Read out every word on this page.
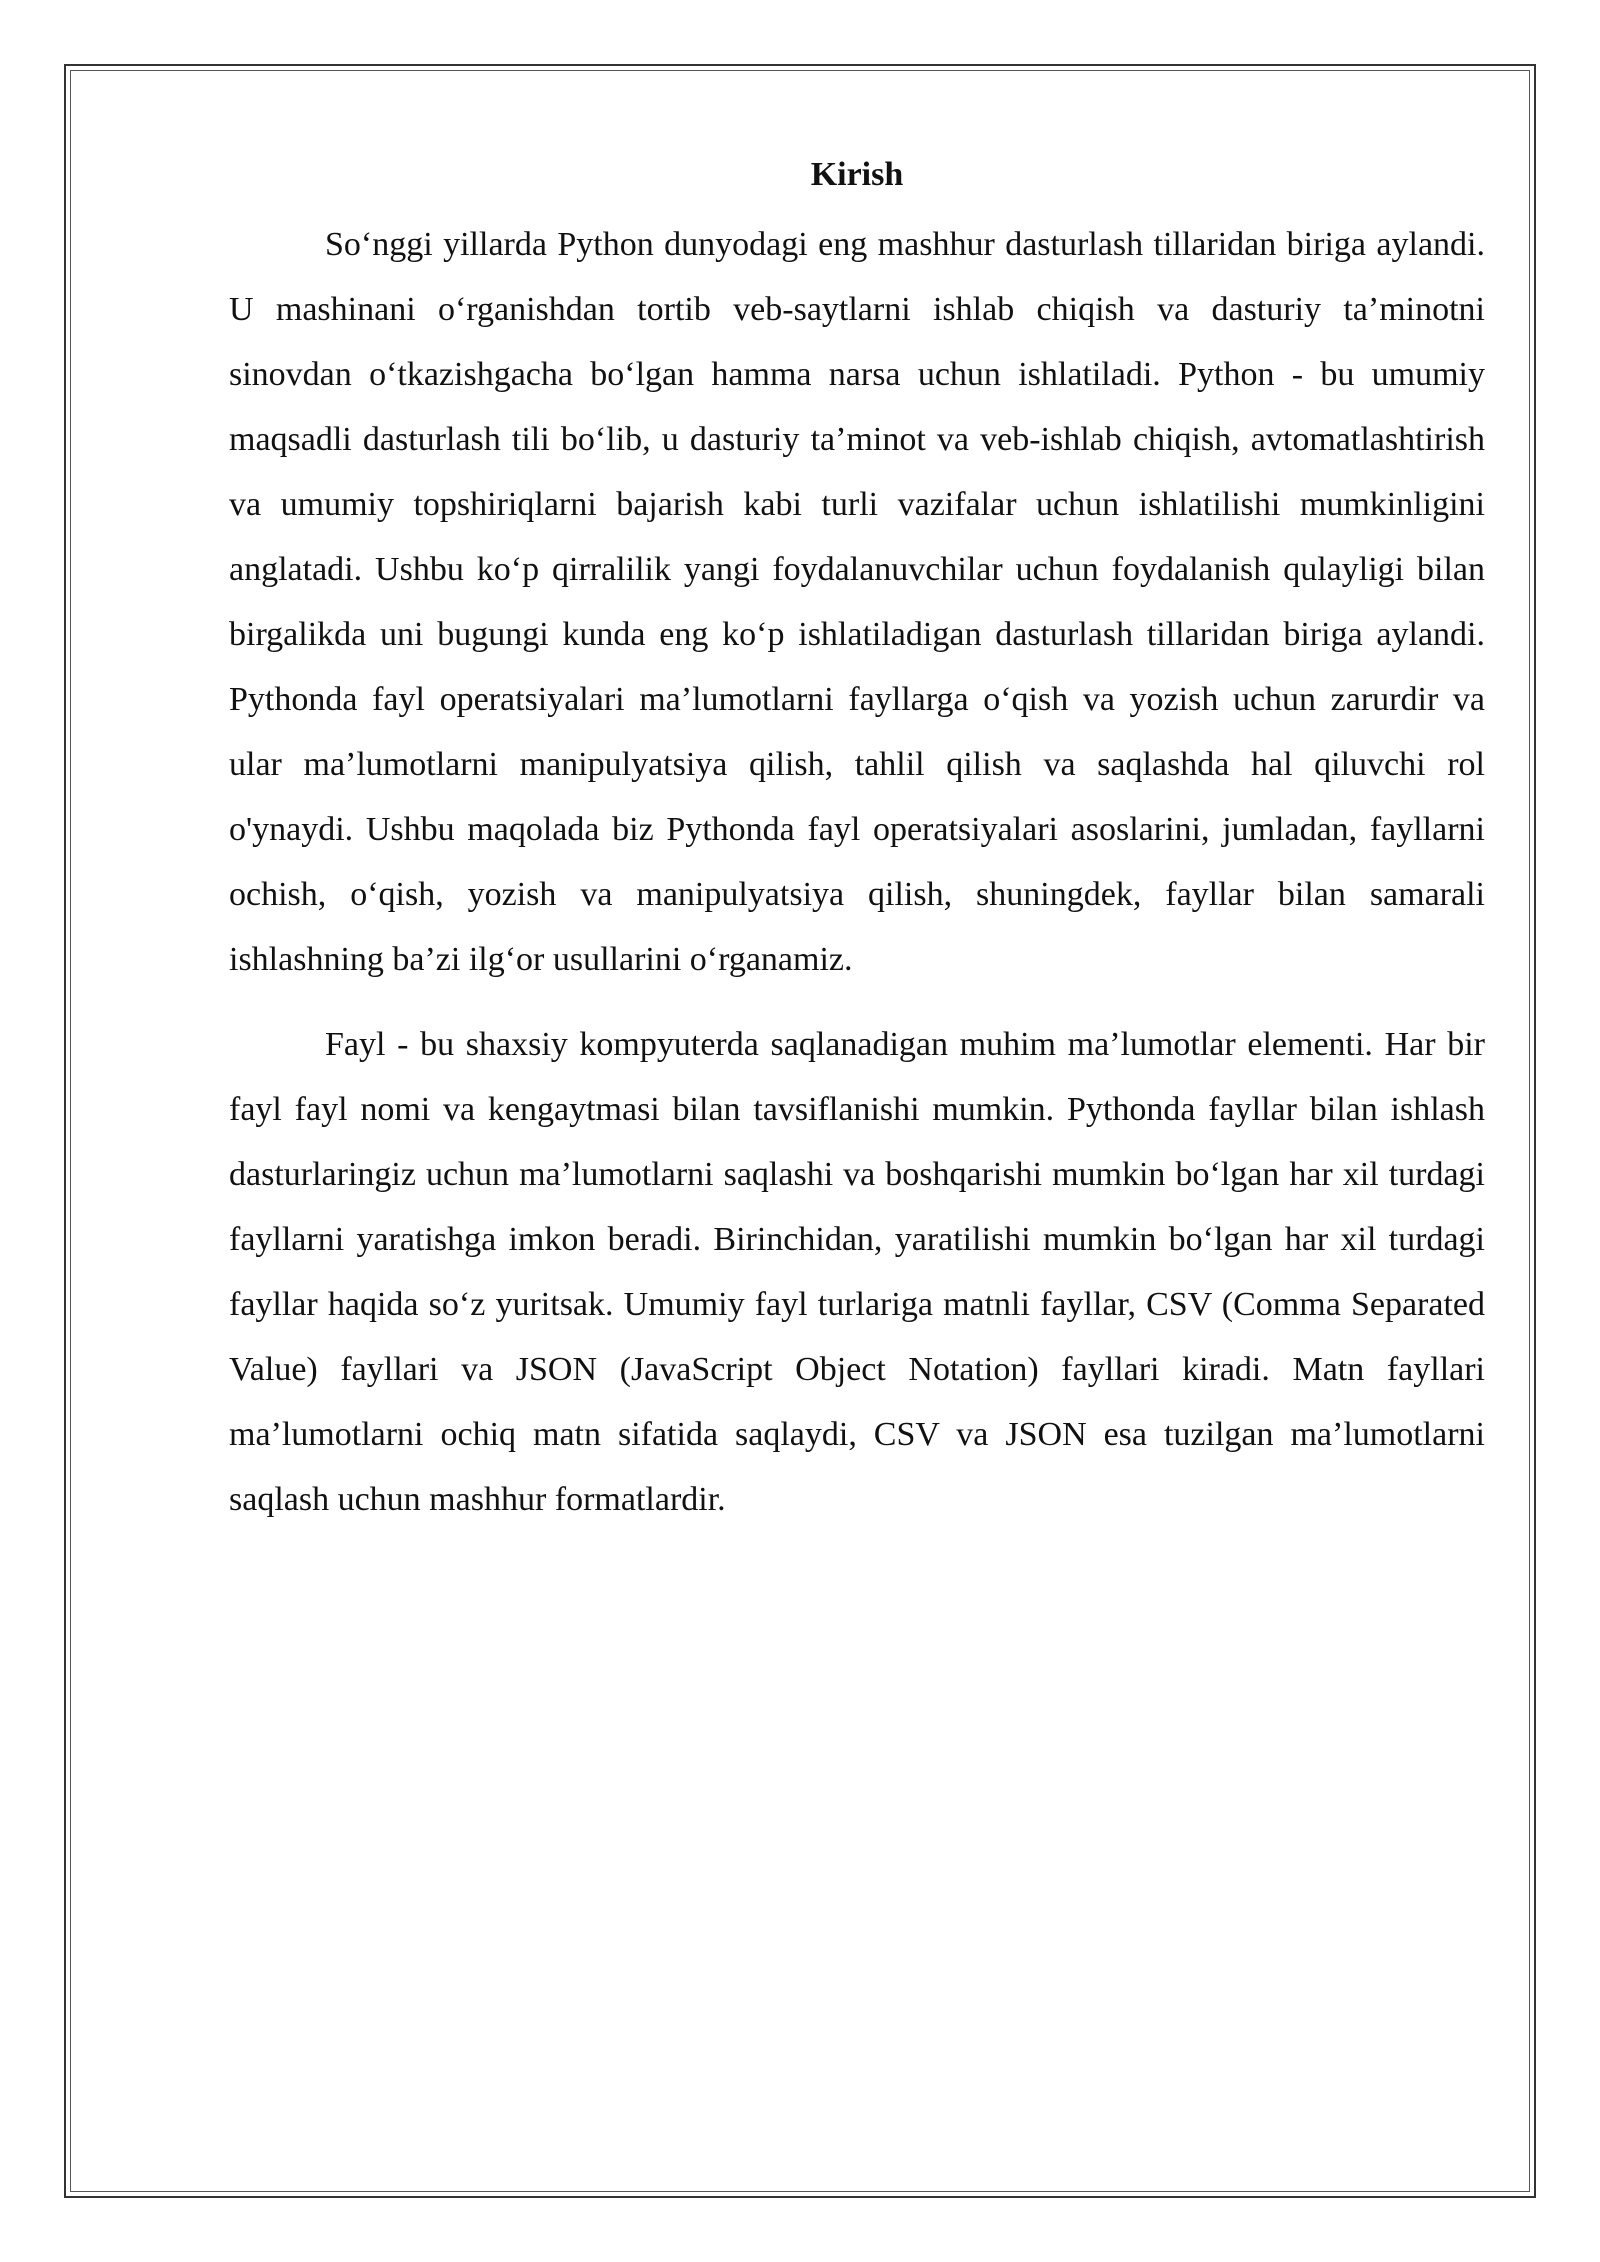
Kirish

So‘nggi yillarda Python dunyodagi eng mashhur dasturlash tillaridan biriga aylandi. U mashinani o‘rganishdan tortib veb-saytlarni ishlab chiqish va dasturiy ta’minotni sinovdan o‘tkazishgacha bo‘lgan hamma narsa uchun ishlatiladi. Python - bu umumiy maqsadli dasturlash tili bo‘lib, u dasturiy ta’minot va veb-ishlab chiqish, avtomatlashtirish va umumiy topshiriqlarni bajarish kabi turli vazifalar uchun ishlatilishi mumkinligini anglatadi. Ushbu ko‘p qirralilik yangi foydalanuvchilar uchun foydalanish qulayligi bilan birgalikda uni bugungi kunda eng ko‘p ishlatiladigan dasturlash tillaridan biriga aylandi. Pythonda fayl operatsiyalari ma’lumotlarni fayllarga o‘qish va yozish uchun zarurdir va ular ma’lumotlarni manipulyatsiya qilish, tahlil qilish va saqlashda hal qiluvchi rol o'ynaydi. Ushbu maqolada biz Pythonda fayl operatsiyalari asoslarini, jumladan, fayllarni ochish, o‘qish, yozish va manipulyatsiya qilish, shuningdek, fayllar bilan samarali ishlashning ba’zi ilg‘or usullarini o‘rganamiz.

Fayl - bu shaxsiy kompyuterda saqlanadigan muhim ma’lumotlar elementi. Har bir fayl fayl nomi va kengaytmasi bilan tavsiflanishi mumkin. Pythonda fayllar bilan ishlash dasturlaringiz uchun ma’lumotlarni saqlashi va boshqarishi mumkin bo‘lgan har xil turdagi fayllarni yaratishga imkon beradi. Birinchidan, yaratilishi mumkin bo‘lgan har xil turdagi fayllar haqida so‘z yuritsak. Umumiy fayl turlariga matnli fayllar, CSV (Comma Separated Value) fayllari va JSON (JavaScript Object Notation) fayllari kiradi. Matn fayllari ma’lumotlarni ochiq matn sifatida saqlaydi, CSV va JSON esa tuzilgan ma’lumotlarni saqlash uchun mashhur formatlardir.
